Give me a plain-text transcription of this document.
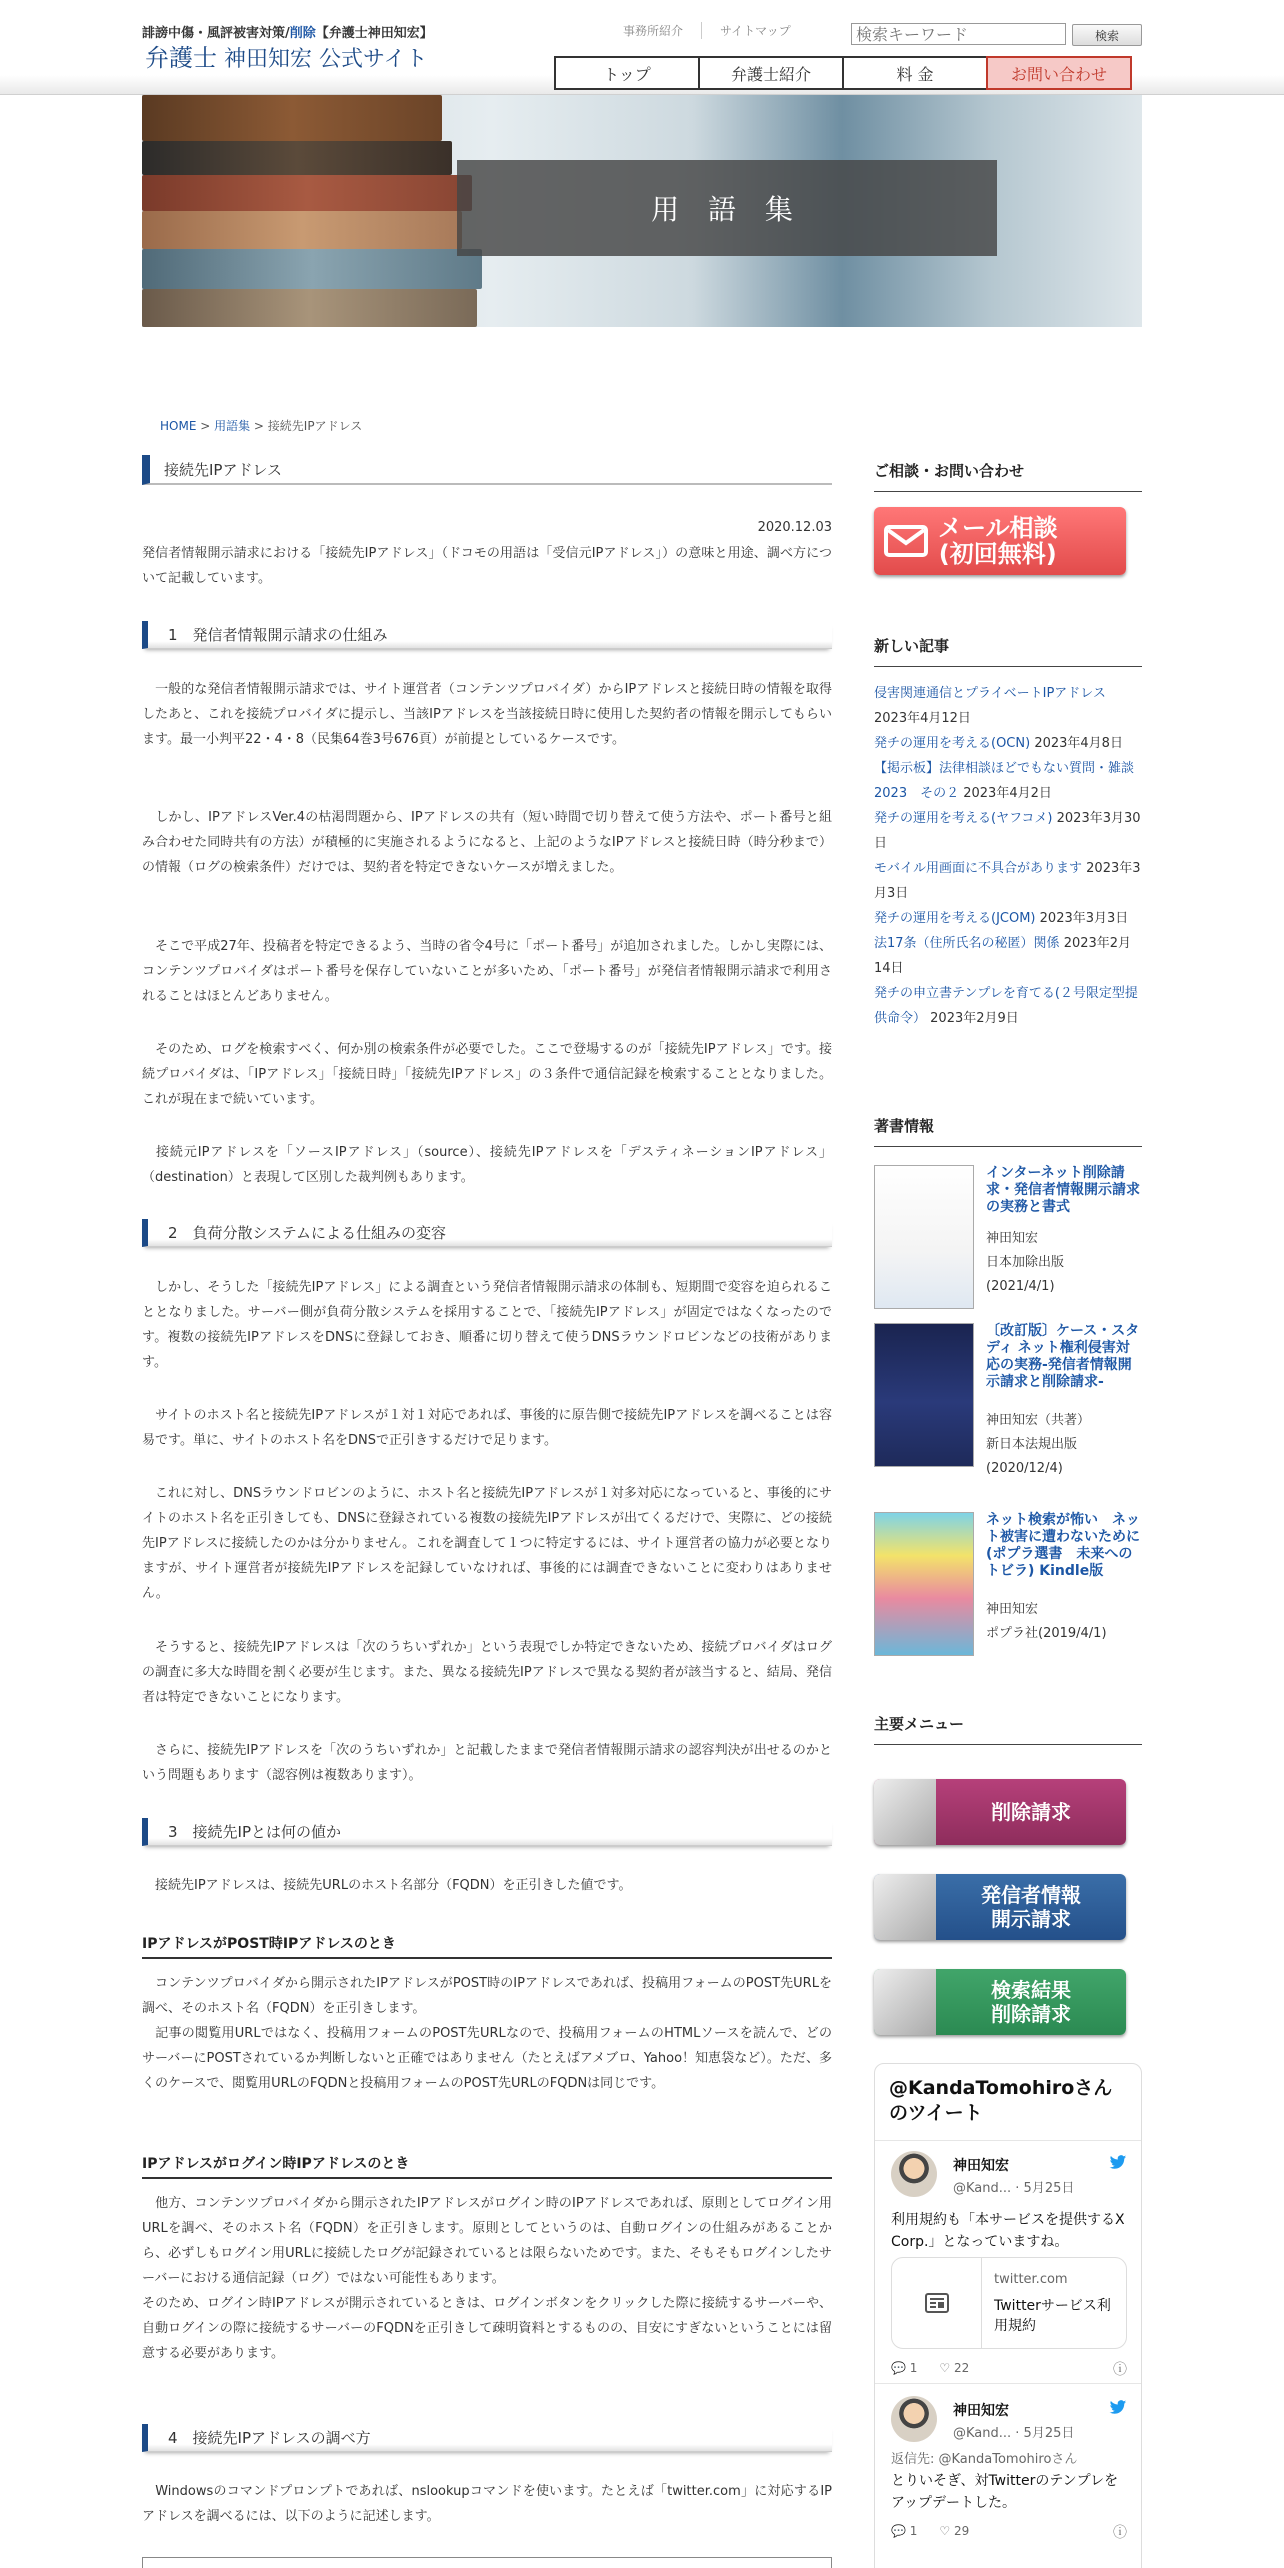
誹謗中傷・風評被害対策/削除【弁護士神田知宏】
弁護士 神田知宏 公式サイト
事務所紹介	サイトマップ
検索キーワード	検索
トップ	弁護士紹介	料 金	お問い合わせ
用 語 集
HOME > 用語集 > 接続先IPアドレス
接続先IPアドレス
2020.12.03
発信者情報開示請求における「接続先IPアドレス」（ドコモの用語は「受信元IPアドレス」）の意味と用途、調べ方について記載しています。
1　発信者情報開示請求の仕組み
　一般的な発信者情報開示請求では、サイト運営者（コンテンツプロバイダ）からIPアドレスと接続日時の情報を取得したあと、これを接続プロバイダに提示し、当該IPアドレスを当該接続日時に使用した契約者の情報を開示してもらいます。最一小判平22・4・8（民集64巻3号676頁）が前提としているケースです。
　しかし、IPアドレスVer.4の枯渇問題から、IPアドレスの共有（短い時間で切り替えて使う方法や、ポート番号と組み合わせた同時共有の方法）が積極的に実施されるようになると、上記のようなIPアドレスと接続日時（時分秒まで）の情報（ログの検索条件）だけでは、契約者を特定できないケースが増えました。
　そこで平成27年、投稿者を特定できるよう、当時の省令4号に「ポート番号」が追加されました。しかし実際には、コンテンツプロバイダはポート番号を保存していないことが多いため、「ポート番号」が発信者情報開示請求で利用されることはほとんどありません。
　そのため、ログを検索すべく、何か別の検索条件が必要でした。ここで登場するのが「接続先IPアドレス」です。接続プロバイダは、「IPアドレス」「接続日時」「接続先IPアドレス」の３条件で通信記録を検索することとなりました。これが現在まで続いています。
　接続元IPアドレスを「ソースIPアドレス」（source）、接続先IPアドレスを「デスティネーションIPアドレス」（destination）と表現して区別した裁判例もあります。
2　負荷分散システムによる仕組みの変容
　しかし、そうした「接続先IPアドレス」による調査という発信者情報開示請求の体制も、短期間で変容を迫られることとなりました。サーバー側が負荷分散システムを採用することで、「接続先IPアドレス」が固定ではなくなったのです。複数の接続先IPアドレスをDNSに登録しておき、順番に切り替えて使うDNSラウンドロビンなどの技術があります。
　サイトのホスト名と接続先IPアドレスが１対１対応であれば、事後的に原告側で接続先IPアドレスを調べることは容易です。単に、サイトのホスト名をDNSで正引きするだけで足ります。
　これに対し、DNSラウンドロビンのように、ホスト名と接続先IPアドレスが１対多対応になっていると、事後的にサイトのホスト名を正引きしても、DNSに登録されている複数の接続先IPアドレスが出てくるだけで、実際に、どの接続先IPアドレスに接続したのかは分かりません。これを調査して１つに特定するには、サイト運営者の協力が必要となりますが、サイト運営者が接続先IPアドレスを記録していなければ、事後的には調査できないことに変わりはありません。
　そうすると、接続先IPアドレスは「次のうちいずれか」という表現でしか特定できないため、接続プロバイダはログの調査に多大な時間を割く必要が生じます。また、異なる接続先IPアドレスで異なる契約者が該当すると、結局、発信者は特定できないことになります。
　さらに、接続先IPアドレスを「次のうちいずれか」と記載したままで発信者情報開示請求の認容判決が出せるのかという問題もあります（認容例は複数あります）。
3　接続先IPとは何の値か
　接続先IPアドレスは、接続先URLのホスト名部分（FQDN）を正引きした値です。
IPアドレスがPOST時IPアドレスのとき
　コンテンツプロバイダから開示されたIPアドレスがPOST時のIPアドレスであれば、投稿用フォームのPOST先URLを調べ、そのホスト名（FQDN）を正引きします。
　記事の閲覧用URLではなく、投稿用フォームのPOST先URLなので、投稿用フォームのHTMLソースを読んで、どのサーバーにPOSTされているか判断しないと正確ではありません（たとえばアメブロ、Yahoo！知恵袋など）。ただ、多くのケースで、閲覧用URLのFQDNと投稿用フォームのPOST先URLのFQDNは同じです。
IPアドレスがログイン時IPアドレスのとき
　他方、コンテンツプロバイダから開示されたIPアドレスがログイン時のIPアドレスであれば、原則としてログイン用URLを調べ、そのホスト名（FQDN）を正引きします。原則としてというのは、自動ログインの仕組みがあることから、必ずしもログイン用URLに接続したログが記録されているとは限らないためです。また、そもそもログインしたサーバーにおける通信記録（ログ）ではない可能性もあります。
そのため、ログイン時IPアドレスが開示されているときは、ログインボタンをクリックした際に接続するサーバーや、自動ログインの際に接続するサーバーのFQDNを正引きして疎明資料とするものの、目安にすぎないということには留意する必要があります。
4　接続先IPアドレスの調べ方
　Windowsのコマンドプロンプトであれば、nslookupコマンドを使います。たとえば「twitter.com」に対応するIPアドレスを調べるには、以下のように記述します。
ご相談・お問い合わせ
メール相談
(初回無料)
新しい記事
侵害関連通信とプライベートIPアドレス 2023年4月12日
発チの運用を考える(OCN) 2023年4月8日
【掲示板】法律相談ほどでもない質問・雑談2023　その２ 2023年4月2日
発チの運用を考える(ヤフコメ) 2023年3月30日
モバイル用画面に不具合があります 2023年3月3日
発チの運用を考える(JCOM) 2023年3月3日
法17条（住所氏名の秘匿）関係 2023年2月14日
発チの申立書テンプレを育てる(２号限定型提供命令） 2023年2月9日
著書情報
インターネット削除請求・発信者情報開示請求の実務と書式
神田知宏
日本加除出版
(2021/4/1)
〔改訂版〕ケース・スタディ ネット権利侵害対応の実務-発信者情報開示請求と削除請求-
神田知宏（共著）
新日本法規出版
(2020/12/4)
ネット検索が怖い　ネット被害に遭わないために (ポプラ選書　未来へのトビラ) Kindle版
神田知宏
ポプラ社(2019/4/1)
主要メニュー
削除請求
発信者情報
開示請求
検索結果
削除請求
@KandaTomohiroさんのツイート
神田知宏
@Kand... · 5月25日
利用規約も「本サービスを提供するX Corp.」となっていますね。
twitter.com
Twitterサービス利用規約
💬 1 ♡ 22	ⓘ
神田知宏
@Kand... · 5月25日
返信先: @KandaTomohiroさん
とりいそぎ、対Twitterのテンプレをアップデートした。
💬 1 ♡ 29	ⓘ
